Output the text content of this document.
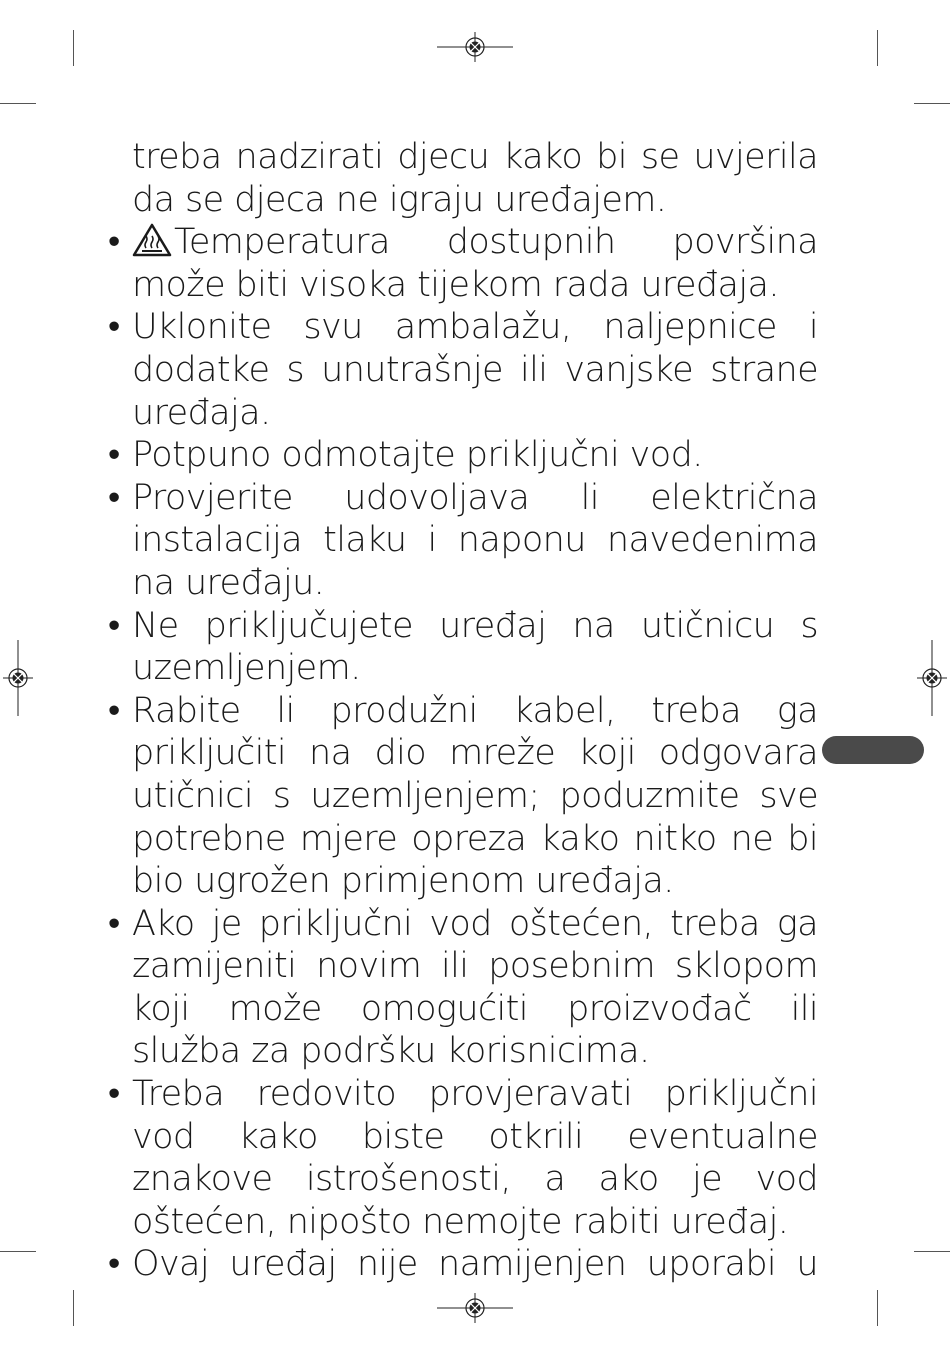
treba nadzirati djecu kako bi se uvjerila da se djeca ne igraju uređajem.
• Temperatura dostupnih površina može biti visoka tijekom rada uređaja.
• Uklonite svu ambalažu, naljepnice i dodatke s unutrašnje ili vanjske strane uređaja.
• Potpuno odmotajte priključni vod.
• Provjerite udovoljava li električna instalacija tlaku i naponu navedenima na uređaju.
• Ne priključujete uređaj na utičnicu s uzemljenjem.
• Rabite li produžni kabel, treba ga priključiti na dio mreže koji odgovara utičnici s uzemljenjem; poduzmite sve potrebne mjere opreza kako nitko ne bi bio ugrožen primjenom uređaja.
• Ako je priključni vod oštećen, treba ga zamijeniti novim ili posebnim sklopom koji može omogućiti proizvođač ili služba za podršku korisnicima.
• Treba redovito provjeravati priključni vod kako biste otkrili eventualne znakove istrošenosti, a ako je vod oštećen, nipošto nemojte rabiti uređaj.
• Ovaj uređaj nije namijenjen uporabi u
